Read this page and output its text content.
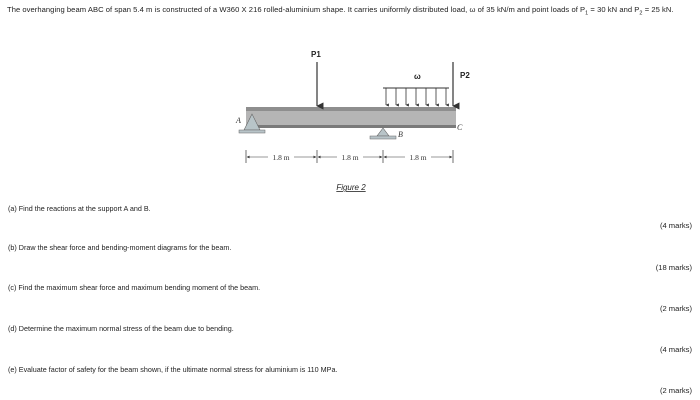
The overhanging beam ABC of span 5.4 m is constructed of a W360 X 216 rolled-aluminium shape. It carries uniformly distributed load, ω of 35 kN/m and point loads of $P_1 = 30$ kN and $P_2 = 25$ kN.
A
B
C
P1
P2
ω
1.8 m	1.8 m	1.8 m
Figure 2
(a) Find the reactions at the support A and B.
(4 marks)
(b) Draw the shear force and bending-moment diagrams for the beam.
(18 marks)
(c) Find the maximum shear force and maximum bending moment of the beam.
(2 marks)
(d) Determine the maximum normal stress of the beam due to bending.
(4 marks)
(e) Evaluate factor of safety for the beam shown, if the ultimate normal stress for aluminium is 110 MPa.
(2 marks)
